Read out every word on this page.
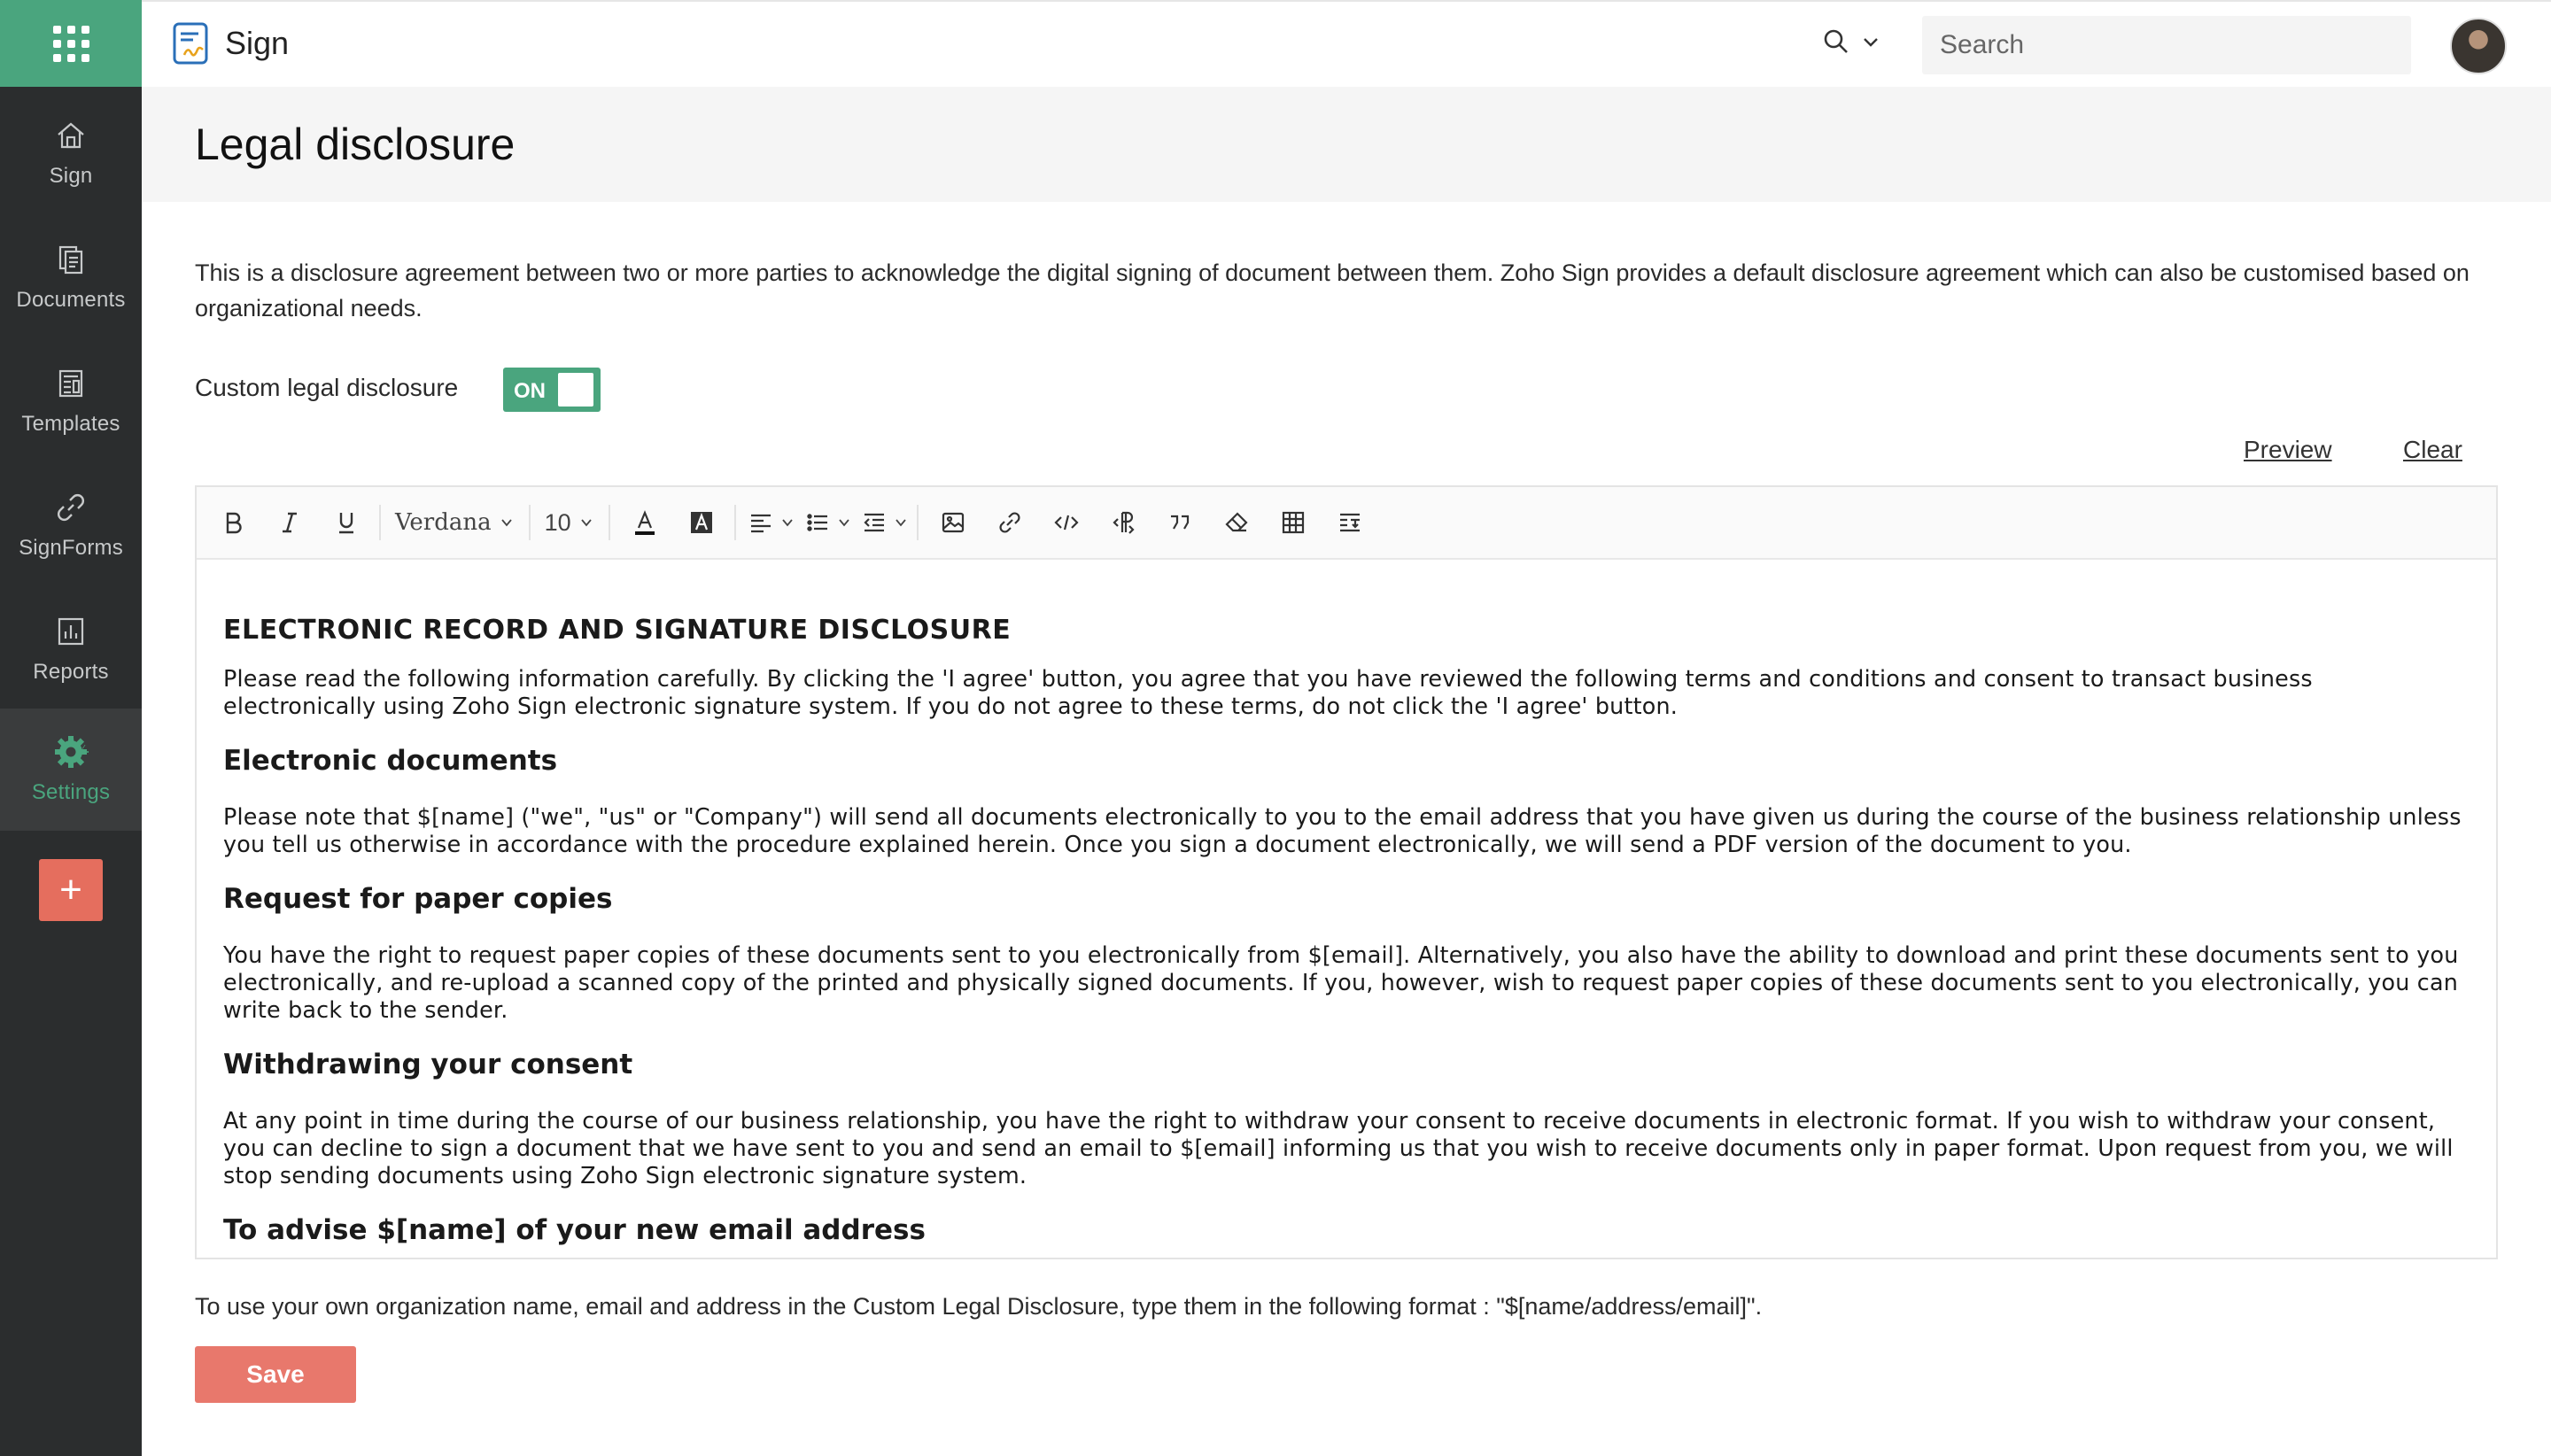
Sign
Documents
Templates
SignForms
Reports
Settings
+
Sign
Search
Legal disclosure

This is a disclosure agreement between two or more parties to acknowledge the digital signing of document between them. Zoho Sign provides a default disclosure agreement which can also be customised based on organizational needs.

Custom legal disclosure	ON
Preview	Clear
Verdana 10
ELECTRONIC RECORD AND SIGNATURE DISCLOSURE

Please read the following information carefully. By clicking the 'I agree' button, you agree that you have reviewed the following terms and conditions and consent to transact business electronically using Zoho Sign electronic signature system. If you do not agree to these terms, do not click the 'I agree' button.

Electronic documents

Please note that $[name] ("we", "us" or "Company") will send all documents electronically to you to the email address that you have given us during the course of the business relationship unless you tell us otherwise in accordance with the procedure explained herein. Once you sign a document electronically, we will send a PDF version of the document to you.

Request for paper copies

You have the right to request paper copies of these documents sent to you electronically from $[email]. Alternatively, you also have the ability to download and print these documents sent to you electronically, and re-upload a scanned copy of the printed and physically signed documents. If you, however, wish to request paper copies of these documents sent to you electronically, you can write back to the sender.

Withdrawing your consent

At any point in time during the course of our business relationship, you have the right to withdraw your consent to receive documents in electronic format. If you wish to withdraw your consent, you can decline to sign a document that we have sent to you and send an email to $[email] informing us that you wish to receive documents only in paper format. Upon request from you, we will stop sending documents using Zoho Sign electronic signature system.

To advise $[name] of your new email address

To use your own organization name, email and address in the Custom Legal Disclosure, type them in the following format : "$[name/address/email]".

Save
